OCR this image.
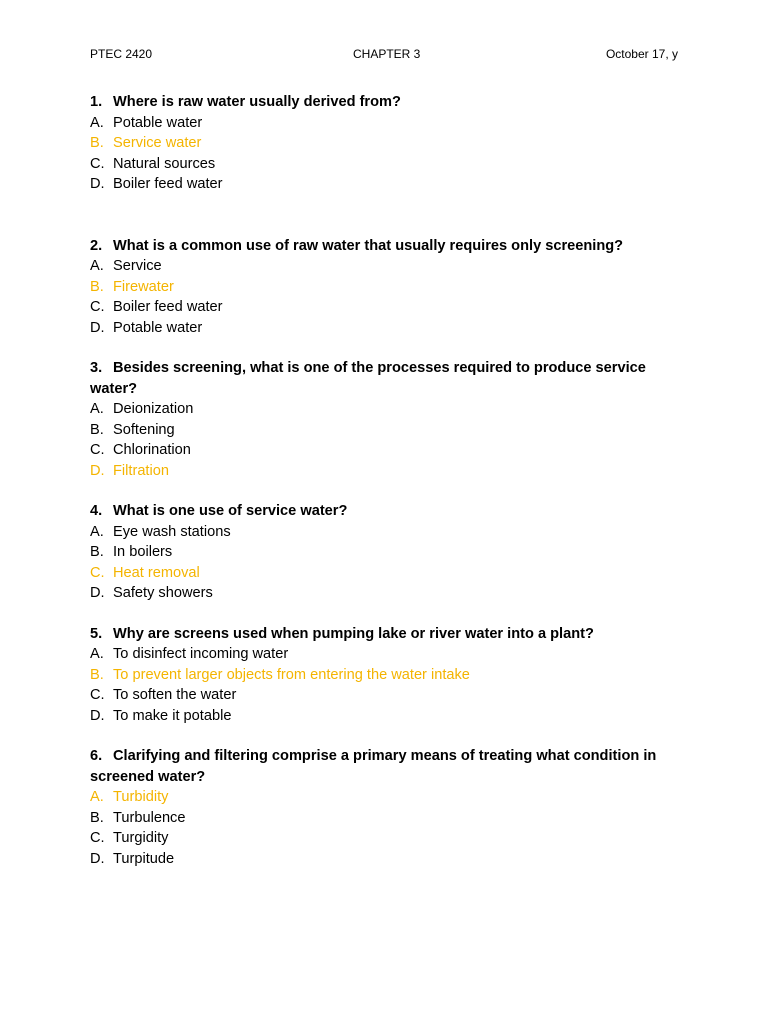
PTEC 2420	CHAPTER 3	October 17, y
1. Where is raw water usually derived from?
A. Potable water
B. Service water
C. Natural sources
D. Boiler feed water
2. What is a common use of raw water that usually requires only screening?
A. Service
B. Firewater
C. Boiler feed water
D. Potable water
3. Besides screening, what is one of the processes required to produce service water?
A. Deionization
B. Softening
C. Chlorination
D. Filtration
4. What is one use of service water?
A. Eye wash stations
B. In boilers
C. Heat removal
D. Safety showers
5. Why are screens used when pumping lake or river water into a plant?
A. To disinfect incoming water
B. To prevent larger objects from entering the water intake
C. To soften the water
D. To make it potable
6. Clarifying and filtering comprise a primary means of treating what condition in screened water?
A. Turbidity
B. Turbulence
C. Turgidity
D. Turpitude
